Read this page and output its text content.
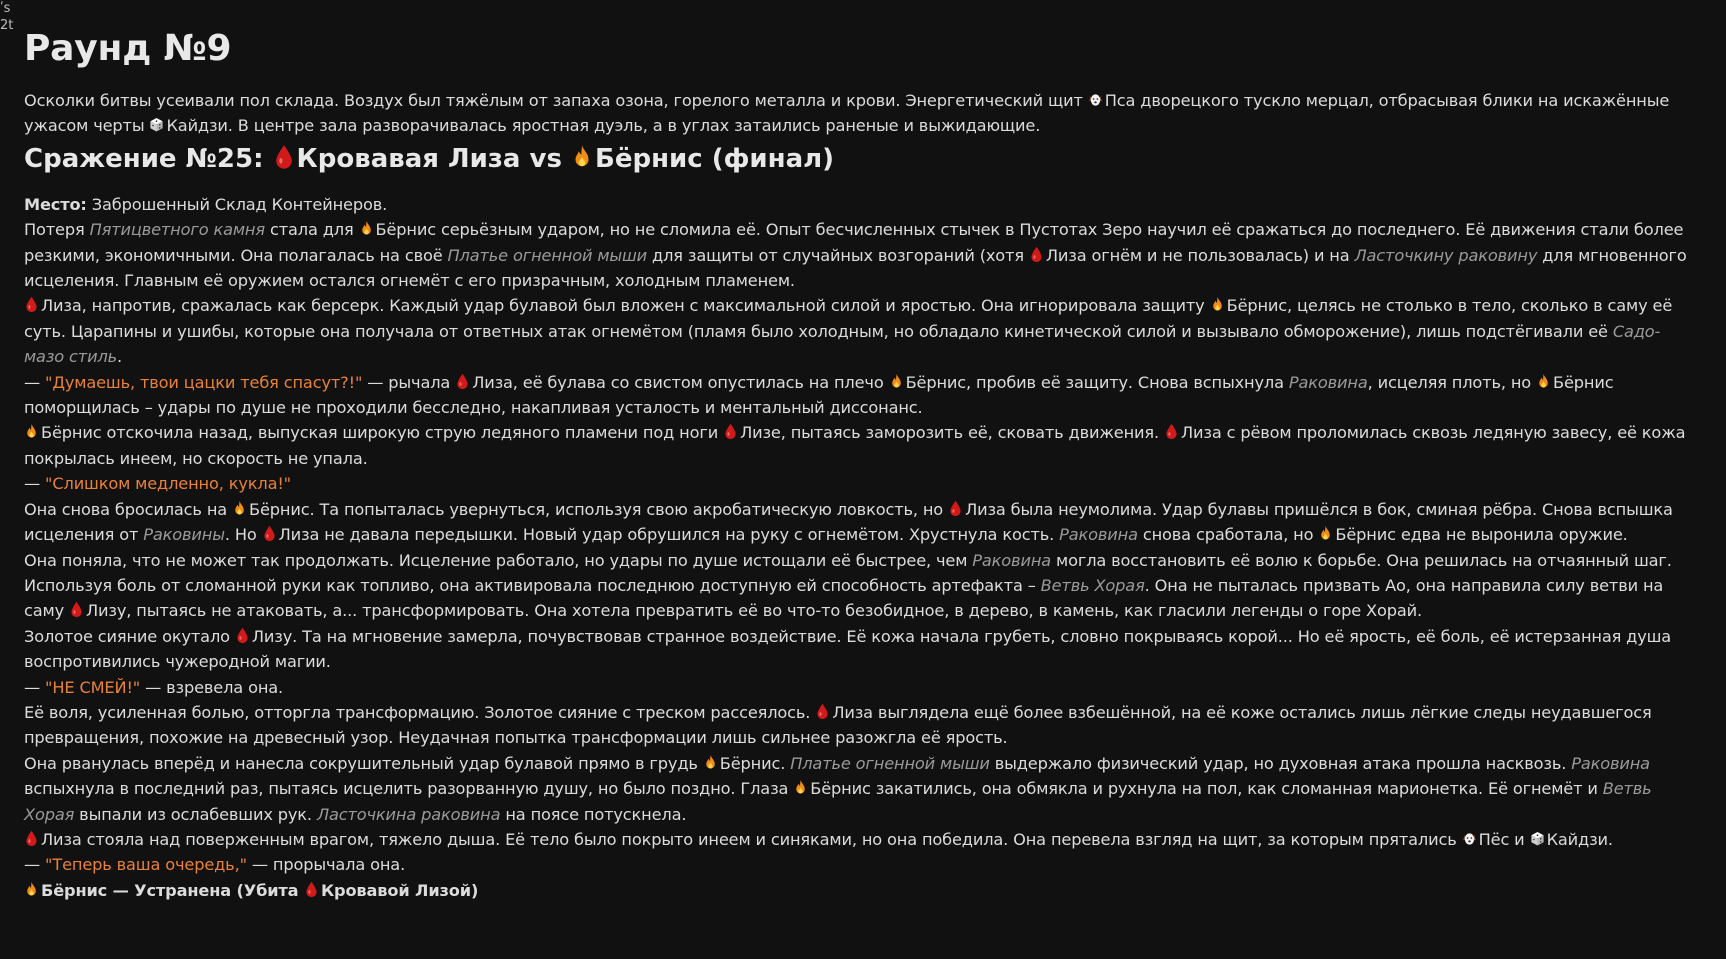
ʹs
2t
Раунд №9

Осколки битвы усеивали пол склада. Воздух был тяжёлым от запаха озона, горелого металла и крови. Энергетический щит Пса дворецкого тускло мерцал, отбрасывая блики на искажённые ужасом черты Кайдзи. В центре зала разворачивалась яростная дуэль, а в углах затаились раненые и выжидающие.

Сражение №25: Кровавая Лиза vs Бёрнис (финал)

Место: Заброшенный Склад Контейнеров.

Потеря Пятицветного камня стала для Бёрнис серьёзным ударом, но не сломила её. Опыт бесчисленных стычек в Пустотах Зеро научил её сражаться до последнего. Её движения стали более резкими, экономичными. Она полагалась на своё Платье огненной мыши для защиты от случайных возгораний (хотя Лиза огнём и не пользовалась) и на Ласточкину раковину для мгновенного исцеления. Главным её оружием остался огнемёт с его призрачным, холодным пламенем.

Лиза, напротив, сражалась как берсерк. Каждый удар булавой был вложен с максимальной силой и яростью. Она игнорировала защиту Бёрнис, целясь не столько в тело, сколько в саму её суть. Царапины и ушибы, которые она получала от ответных атак огнемётом (пламя было холодным, но обладало кинетической силой и вызывало обморожение), лишь подстёгивали её Садо-мазо стиль.

— "Думаешь, твои цацки тебя спасут?!" — рычала Лиза, её булава со свистом опустилась на плечо Бёрнис, пробив её защиту. Снова вспыхнула Раковина, исцеляя плоть, но Бёрнис поморщилась – удары по душе не проходили бесследно, накапливая усталость и ментальный диссонанс.

Бёрнис отскочила назад, выпуская широкую струю ледяного пламени под ноги Лизе, пытаясь заморозить её, сковать движения. Лиза с рёвом проломилась сквозь ледяную завесу, её кожа покрылась инеем, но скорость не упала.

— "Слишком медленно, кукла!"

Она снова бросилась на Бёрнис. Та попыталась увернуться, используя свою акробатическую ловкость, но Лиза была неумолима. Удар булавы пришёлся в бок, сминая рёбра. Снова вспышка исцеления от Раковины. Но Лиза не давала передышки. Новый удар обрушился на руку с огнемётом. Хрустнула кость. Раковина снова сработала, но Бёрнис едва не выронила оружие.

Она поняла, что не может так продолжать. Исцеление работало, но удары по душе истощали её быстрее, чем Раковина могла восстановить её волю к борьбе. Она решилась на отчаянный шаг. Используя боль от сломанной руки как топливо, она активировала последнюю доступную ей способность артефакта – Ветвь Хорая. Она не пыталась призвать Ао, она направила силу ветви на саму Лизу, пытаясь не атаковать, а... трансформировать. Она хотела превратить её во что-то безобидное, в дерево, в камень, как гласили легенды о горе Хорай.

Золотое сияние окутало Лизу. Та на мгновение замерла, почувствовав странное воздействие. Её кожа начала грубеть, словно покрываясь корой... Но её ярость, её боль, её истерзанная душа воспротивились чужеродной магии.

— "НЕ СМЕЙ!" — взревела она.

Её воля, усиленная болью, отторгла трансформацию. Золотое сияние с треском рассеялось. Лиза выглядела ещё более взбешённой, на её коже остались лишь лёгкие следы неудавшегося превращения, похожие на древесный узор. Неудачная попытка трансформации лишь сильнее разожгла её ярость.

Она рванулась вперёд и нанесла сокрушительный удар булавой прямо в грудь Бёрнис. Платье огненной мыши выдержало физический удар, но духовная атака прошла насквозь. Раковина вспыхнула в последний раз, пытаясь исцелить разорванную душу, но было поздно. Глаза Бёрнис закатились, она обмякла и рухнула на пол, как сломанная марионетка. Её огнемёт и Ветвь Хорая выпали из ослабевших рук. Ласточкина раковина на поясе потускнела.

Лиза стояла над поверженным врагом, тяжело дыша. Её тело было покрыто инеем и синяками, но она победила. Она перевела взгляд на щит, за которым прятались Пёс и Кайдзи.

— "Теперь ваша очередь," — прорычала она.

Бёрнис — Устранена (Убита Кровавой Лизой)
